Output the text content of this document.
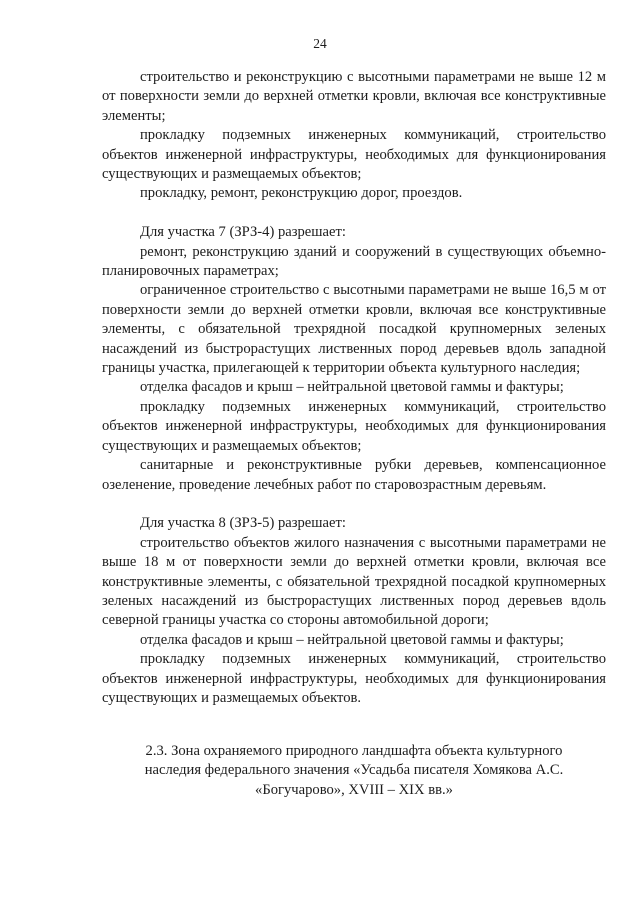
24

строительство и реконструкцию с высотными параметрами не выше 12 м от поверхности земли до верхней отметки кровли, включая все конструктивные элементы;

прокладку подземных инженерных коммуникаций, строительство объектов инженерной инфраструктуры, необходимых для функционирования существующих и размещаемых объектов;

прокладку, ремонт, реконструкцию дорог, проездов.

Для участка 7 (ЗРЗ-4) разрешает:

ремонт, реконструкцию зданий и сооружений в существующих объемно-планировочных параметрах;

ограниченное строительство с высотными параметрами не выше 16,5 м от поверхности земли до верхней отметки кровли, включая все конструктивные элементы, с обязательной трехрядной посадкой крупномерных зеленых насаждений из быстрорастущих лиственных пород деревьев вдоль западной границы участка, прилегающей к территории объекта культурного наследия;

отделка фасадов и крыш – нейтральной цветовой гаммы и фактуры;

прокладку подземных инженерных коммуникаций, строительство объектов инженерной инфраструктуры, необходимых для функционирования существующих и размещаемых объектов;

санитарные и реконструктивные рубки деревьев, компенсационное озеленение, проведение лечебных работ по старовозрастным деревьям.

Для участка 8 (ЗРЗ-5) разрешает:

строительство объектов жилого назначения с высотными параметрами не выше 18 м от поверхности земли до верхней отметки кровли, включая все конструктивные элементы, с обязательной трехрядной посадкой крупномерных зеленых насаждений из быстрорастущих лиственных пород деревьев вдоль северной границы участка со стороны автомобильной дороги;

отделка фасадов и крыш – нейтральной цветовой гаммы и фактуры;

прокладку подземных инженерных коммуникаций, строительство объектов инженерной инфраструктуры, необходимых для функционирования существующих и размещаемых объектов.

2.3. Зона охраняемого природного ландшафта объекта культурного
наследия федерального значения «Усадьба писателя Хомякова А.С.
«Богучарово», XVIII – XIX вв.»
